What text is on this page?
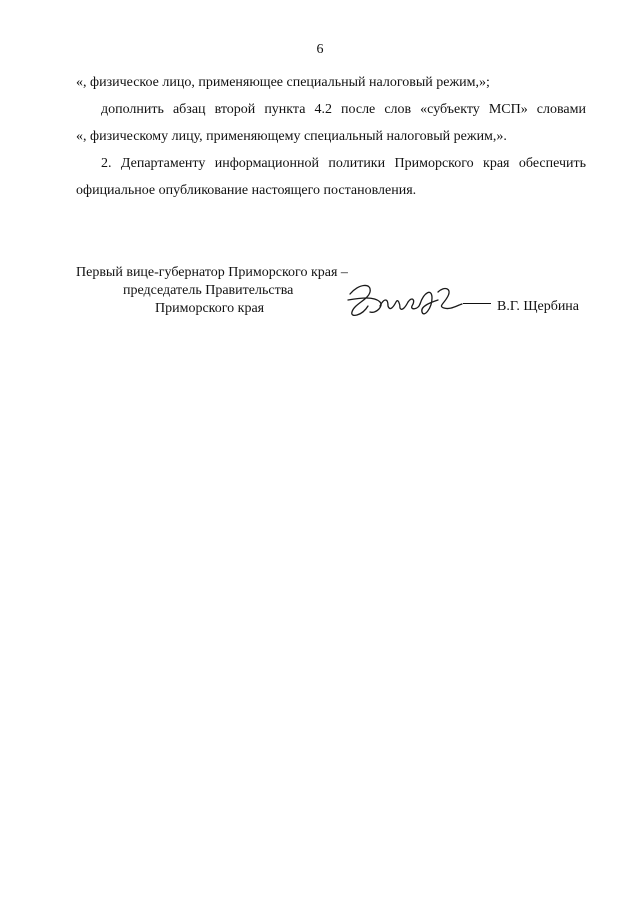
6
«, физическое лицо, применяющее специальный налоговый режим,»;
дополнить абзац второй пункта 4.2 после слов «субъекту МСП» словами
«, физическому лицу, применяющему специальный налоговый режим,».
2. Департаменту информационной политики Приморского края обеспечить
официальное опубликование настоящего постановления.
Первый вице-губернатор Приморского края –
председатель Правительства
Приморского края	В.Г. Щербина
